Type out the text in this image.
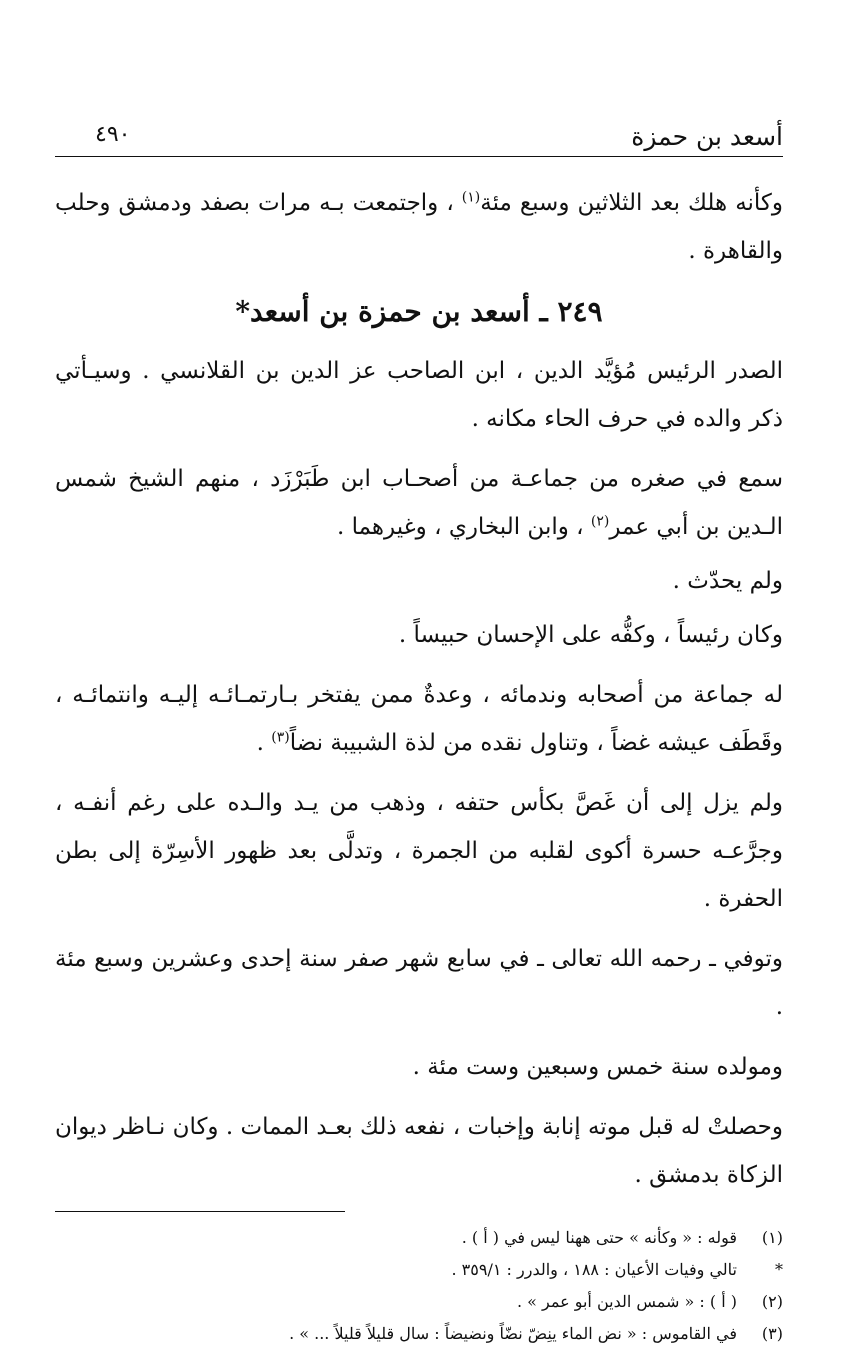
أسعد بن حمزة
٤٩٠

وكأنه هلك بعد الثلاثين وسبع مئة$^{(١)}$ ، واجتمعت بـه مرات بصفد ودمشق وحلب والقاهرة .

٢٤٩ ـ أسعد بن حمزة بن أسعد*

الصدر الرئيس مُؤيَّد الدين ، ابن الصاحب عز الدين بن القلانسي . وسيـأتي ذكر والده في حرف الحاء مكانه .

سمع في صغره من جماعـة من أصحـاب ابن طَبَرْزَد ، منهم الشيخ شمس الـدين بن أبي عمر$^{(٢)}$ ، وابن البخاري ، وغيرهما .

ولم يحدّث .

وكان رئيساً ، وكفُّه على الإحسان حبيساً .

له جماعة من أصحابه وندمائه ، وعدةٌ ممن يفتخر بـارتمـائـه إليـه وانتمائـه ، وقَطَف عيشه غضاً ، وتناول نقده من لذة الشبيبة نضاً$^{(٣)}$ .

ولم يزل إلى أن غَصَّ بكأس حتفه ، وذهب من يـد والـده على رغم أنفـه ، وجرَّعـه حسرة أكوى لقلبه من الجمرة ، وتدلَّى بعد ظهور الأسِرّة إلى بطن الحفرة .

وتوفي ـ رحمه الله تعالى ـ في سابع شهر صفر سنة إحدى وعشرين وسبع مئة .

ومولده سنة خمس وسبعين وست مئة .

وحصلتْ له قبل موته إنابة وإخبات ، نفعه ذلك بعـد الممات . وكان نـاظر ديوان الزكاة بدمشق .

(١)
قوله : « وكأنه » حتى ههنا ليس في ( أ ) .
*
تالي وفيات الأعيان : ١٨٨ ، والدرر : ٣٥٩/١ .
(٢)
( أ ) : « شمس الدين أبو عمر » .
(٣)
في القاموس : « نض الماء ينِضّ نضّاً ونضيضاً : سال قليلاً قليلاً ... » .
